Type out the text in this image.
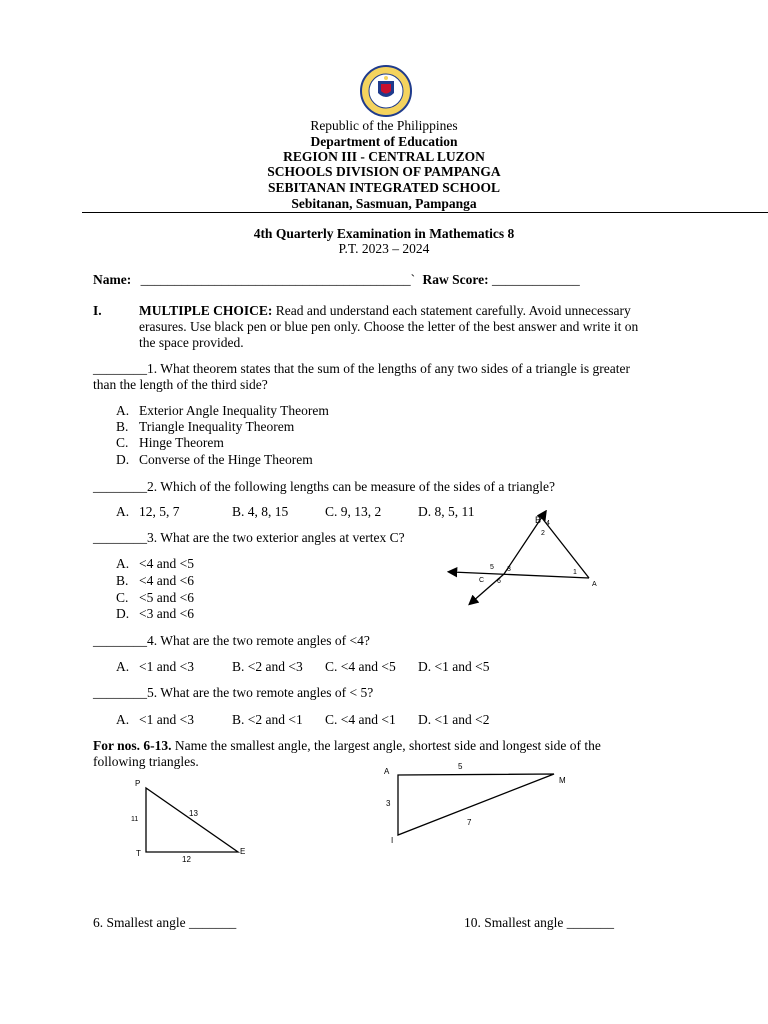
Republic of the Philippines
Department of Education
REGION III - CENTRAL LUZON
SCHOOLS DIVISION OF PAMPANGA
SEBITANAN INTEGRATED SCHOOL
Sebitanan, Sasmuan, Pampanga
4th Quarterly Examination in Mathematics 8
P.T. 2023 – 2024
Name: ________________________________________` Raw Score: _____________
I.	MULTIPLE CHOICE: Read and understand each statement carefully. Avoid unnecessary
erasures. Use black pen or blue pen only. Choose the letter of the best answer and write it on
the space provided.
________1. What theorem states that the sum of the lengths of any two sides of a triangle is greater
than the length of the third side?
A. Exterior Angle Inequality Theorem
B. Triangle Inequality Theorem
C. Hinge Theorem
D. Converse of the Hinge Theorem
________2. Which of the following lengths can be measure of the sides of a triangle?
A. 12, 5, 7	B. 4, 8, 15	C. 9, 13, 2	D. 8, 5, 11
________3. What are the two exterior angles at vertex C?
A. <4 and <5
B. <4 and <6
C. <5 and <6
D. <3 and <6
B 4
2
5 3	1
C 6	A
________4. What are the two remote angles of <4?
A. <1 and <3	B. <2 and <3 C. <4 and <5 D. <1 and <5
________5. What are the two remote angles of < 5?
A. <1 and <3	B. <2 and <1 C. <4 and <1 D. <1 and <2
For nos. 6-13. Name the smallest angle, the largest angle, shortest side and longest side of the
following triangles.
P
11
13
T
12
E
A
5
M
3
7
I
6. Smallest angle _______	10. Smallest angle _______
